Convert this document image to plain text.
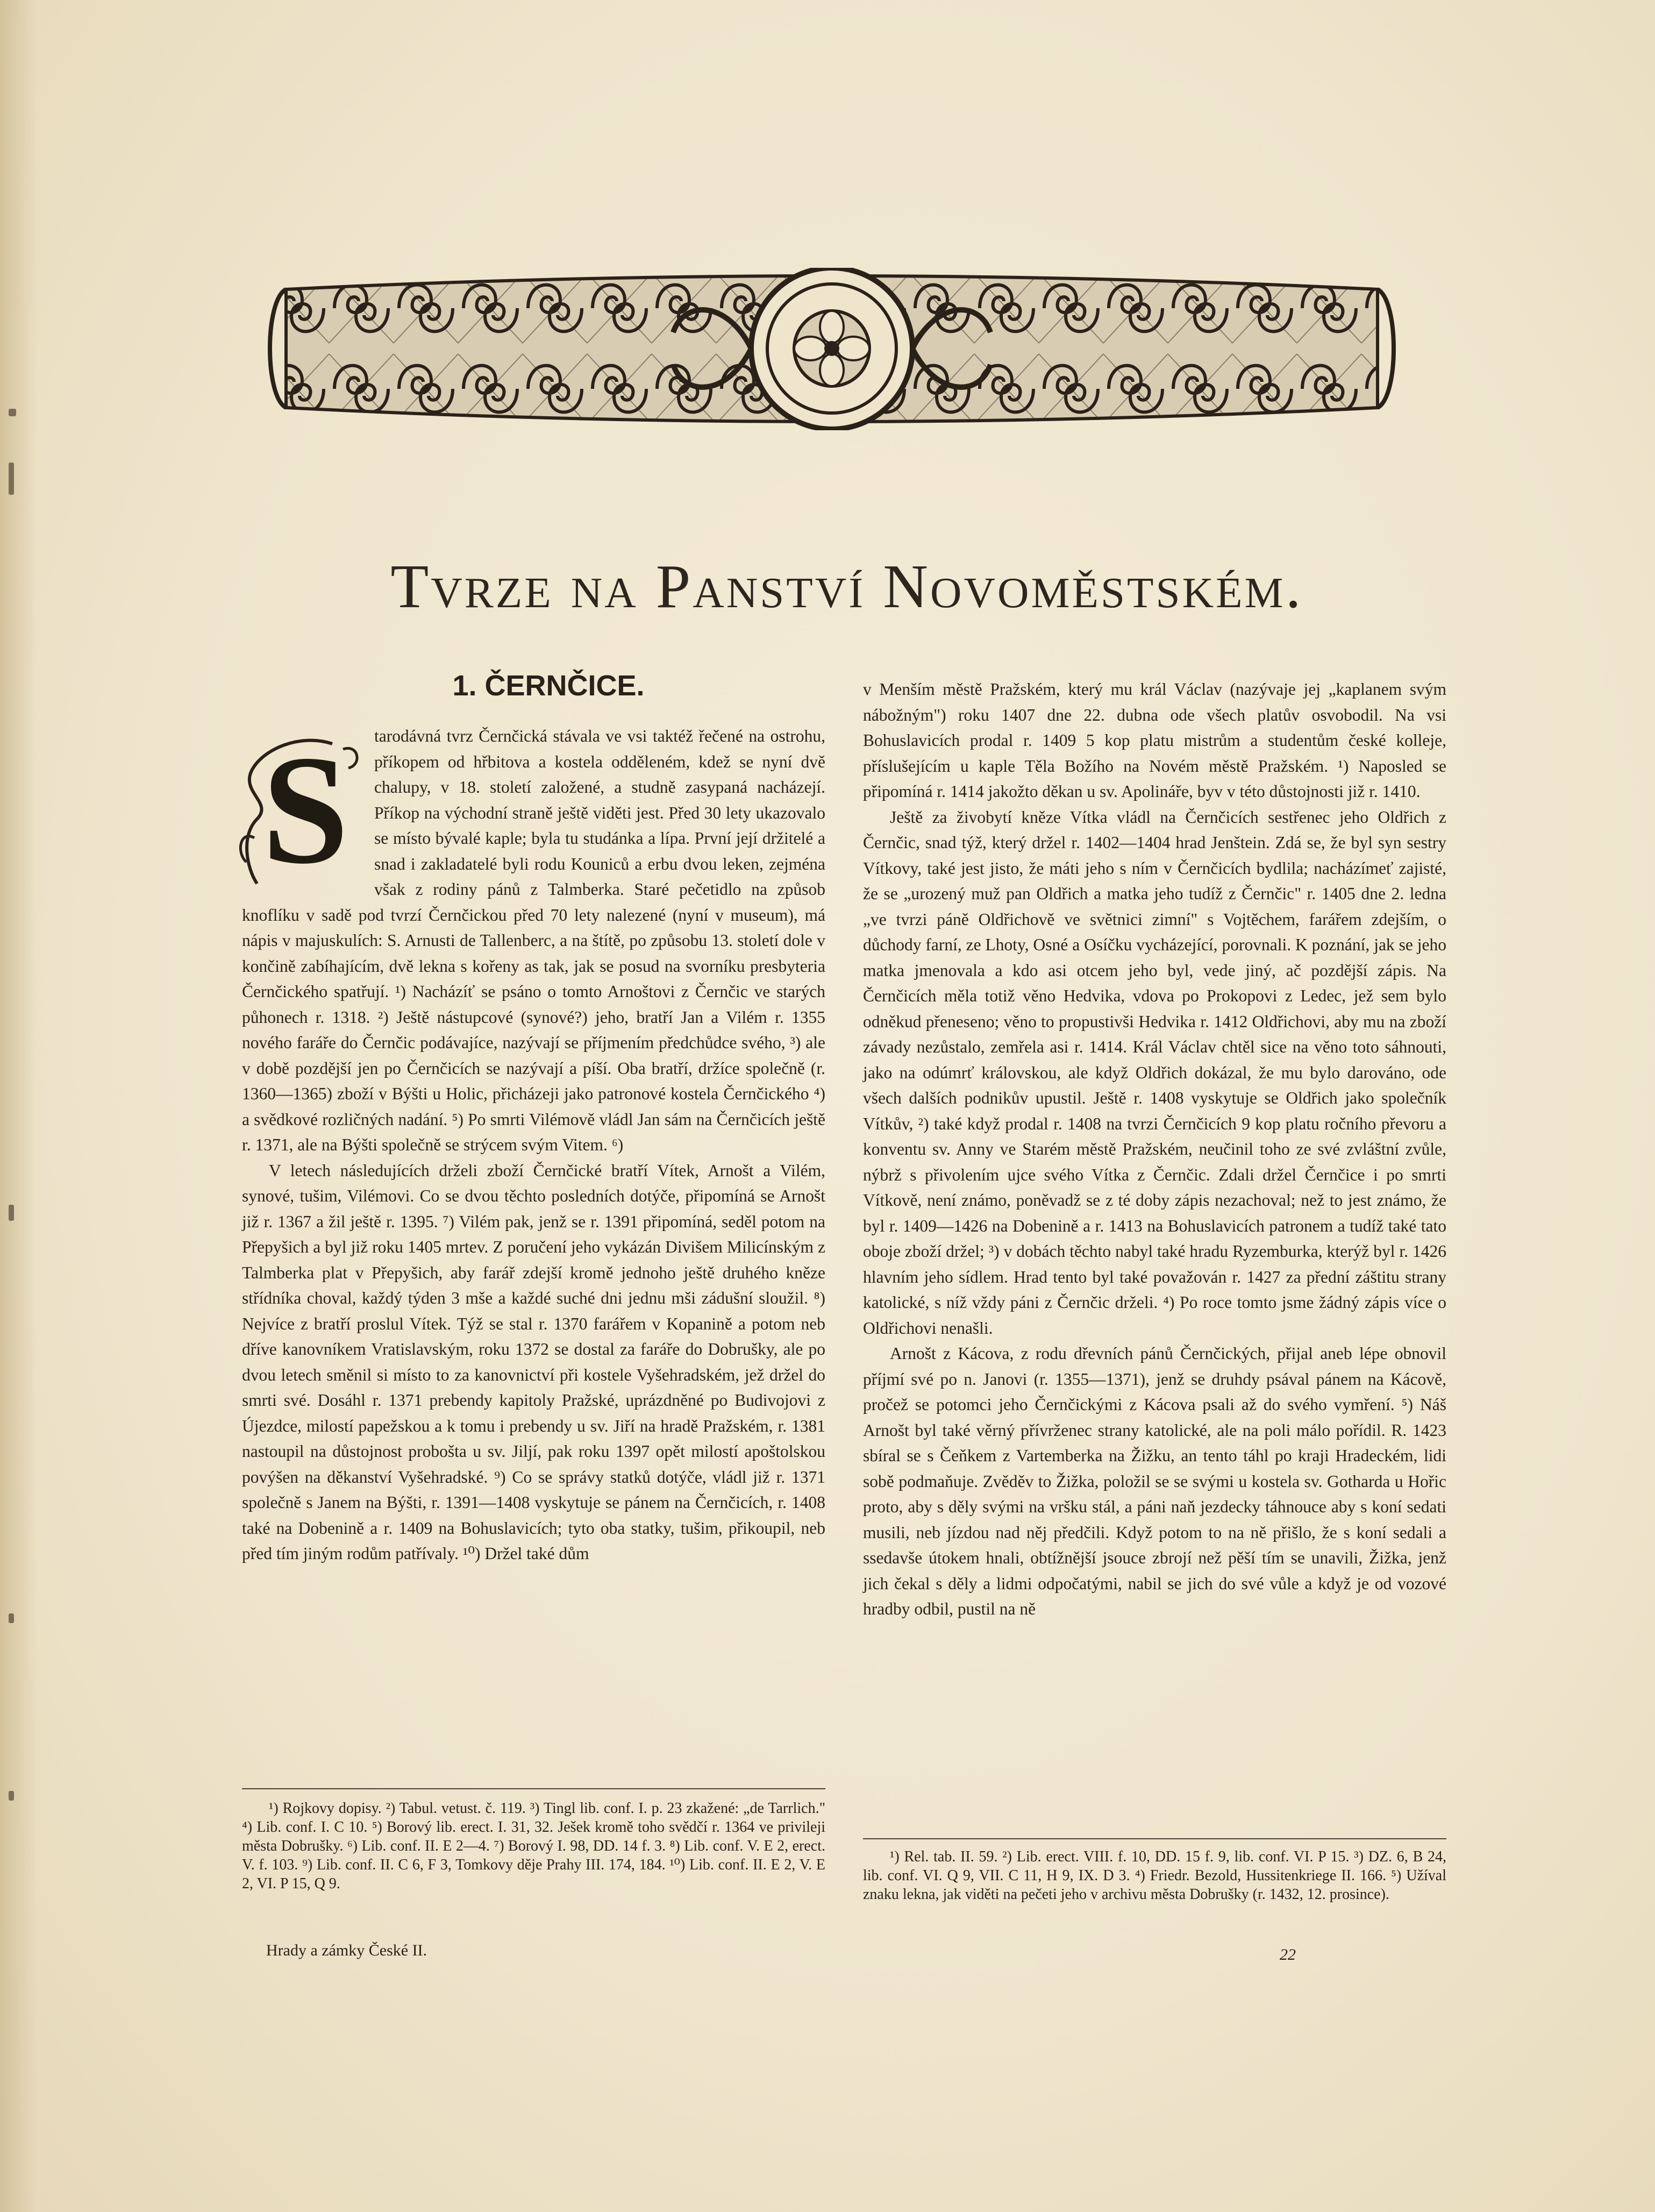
Tvrze na Panství Novoměstském.
1. ČERNČICE.

S tarodávná tvrz Černčická stávala ve vsi taktéž řečené na ostrohu, příkopem od hřbitova a kostela odděleném, kdež se nyní dvě chalupy, v 18. století založené, a studně zasypaná nacházejí. Příkop na východní straně ještě viděti jest. Před 30 lety ukazovalo se místo bývalé kaple; byla tu studánka a lípa. První její držitelé a snad i zakladatelé byli rodu Kouniců a erbu dvou leken, zejména však z rodiny pánů z Talmberka. Staré pečetidlo na způsob knoflíku v sadě pod tvrzí Černčickou před 70 lety nalezené (nyní v museum), má nápis v majuskulích: S. Arnusti de Tallenberc, a na štítě, po způsobu 13. století dole v končině zabíhajícím, dvě lekna s kořeny as tak, jak se posud na svorníku presbyteria Černčického spatřují. ¹) Nacházíť se psáno o tomto Arnoštovi z Černčic ve starých půhonech r. 1318. ²) Ještě nástupcové (synové?) jeho, bratří Jan a Vilém r. 1355 nového faráře do Černčic podávajíce, nazývají se příjmením předchůdce svého, ³) ale v době pozdější jen po Černčicích se nazývají a píší. Oba bratří, držíce společně (r. 1360—1365) zboží v Býšti u Holic, přicházeji jako patronové kostela Černčického ⁴) a svědkové rozličných nadání. ⁵) Po smrti Vilémově vládl Jan sám na Černčicích ještě r. 1371, ale na Býšti společně se strýcem svým Vitem. ⁶)

V letech následujících drželi zboží Černčické bratří Vítek, Arnošt a Vilém, synové, tušim, Vilémovi. Co se dvou těchto posledních dotýče, připomíná se Arnošt již r. 1367 a žil ještě r. 1395. ⁷) Vilém pak, jenž se r. 1391 připomíná, seděl potom na Přepyšich a byl již roku 1405 mrtev. Z poručení jeho vykázán Divišem Milicínským z Talmberka plat v Přepyšich, aby farář zdejší kromě jednoho ještě druhého kněze střídníka choval, každý týden 3 mše a každé suché dni jednu mši zádušní sloužil. ⁸) Nejvíce z bratří proslul Vítek. Týž se stal r. 1370 farářem v Kopanině a potom neb dříve kanovníkem Vratislavským, roku 1372 se dostal za faráře do Dobrušky, ale po dvou letech směnil si místo to za kanovnictví při kostele Vyšehradském, jež držel do smrti své. Dosáhl r. 1371 prebendy kapitoly Pražské, uprázdněné po Budivojovi z Újezdce, milostí papežskou a k tomu i prebendy u sv. Jiří na hradě Pražském, r. 1381 nastoupil na důstojnost probošta u sv. Jiljí, pak roku 1397 opět milostí apoštolskou povýšen na děkanství Vyšehradské. ⁹) Co se správy statků dotýče, vládl již r. 1371 společně s Janem na Býšti, r. 1391—1408 vyskytuje se pánem na Černčicích, r. 1408 také na Dobenině a r. 1409 na Bohuslavicích; tyto oba statky, tušim, přikoupil, neb před tím jiným rodům patřívaly. ¹⁰) Držel také dům

v Menším městě Pražském, který mu král Václav (nazývaje jej „kaplanem svým nábožným") roku 1407 dne 22. dubna ode všech platův osvobodil. Na vsi Bohuslavicích prodal r. 1409 5 kop platu mistrům a studentům české kolleje, příslušejícím u kaple Těla Božího na Novém městě Pražském. ¹) Naposled se připomíná r. 1414 jakožto děkan u sv. Apolináře, byv v této důstojnosti již r. 1410.

Ještě za živobytí kněze Vítka vládl na Černčicích sestřenec jeho Oldřich z Černčic, snad týž, který držel r. 1402—1404 hrad Jenštein. Zdá se, že byl syn sestry Vítkovy, také jest jisto, že máti jeho s ním v Černčicích bydlila; nacházímeť zajisté, že se „urozený muž pan Oldřich a matka jeho tudíž z Černčic" r. 1405 dne 2. ledna „ve tvrzi páně Oldřichově ve světnici zimní" s Vojtěchem, farářem zdejším, o důchody farní, ze Lhoty, Osné a Osíčku vycházející, porovnali. K poznání, jak se jeho matka jmenovala a kdo asi otcem jeho byl, vede jiný, ač pozdější zápis. Na Černčicích měla totiž věno Hedvika, vdova po Prokopovi z Ledec, jež sem bylo odněkud přeneseno; věno to propustivši Hedvika r. 1412 Oldřichovi, aby mu na zboží závady nezůstalo, zemřela asi r. 1414. Král Václav chtěl sice na věno toto sáhnouti, jako na odúmrť královskou, ale když Oldřich dokázal, že mu bylo darováno, ode všech dalších podnikův upustil. Ještě r. 1408 vyskytuje se Oldřich jako společník Vítkův, ²) také když prodal r. 1408 na tvrzi Černčicích 9 kop platu ročního převoru a konventu sv. Anny ve Starém městě Pražském, neučinil toho ze své zvláštní zvůle, nýbrž s přivolením ujce svého Vítka z Černčic. Zdali držel Černčice i po smrti Vítkově, není známo, poněvadž se z té doby zápis nezachoval; než to jest známo, že byl r. 1409—1426 na Dobenině a r. 1413 na Bohuslavicích patronem a tudíž také tato oboje zboží držel; ³) v dobách těchto nabyl také hradu Ryzemburka, kterýž byl r. 1426 hlavním jeho sídlem. Hrad tento byl také považován r. 1427 za přední záštitu strany katolické, s níž vždy páni z Černčic drželi. ⁴) Po roce tomto jsme žádný zápis více o Oldřichovi nenašli.

Arnošt z Kácova, z rodu dřevních pánů Černčických, přijal aneb lépe obnovil příjmí své po n. Janovi (r. 1355—1371), jenž se druhdy psával pánem na Kácově, pročež se potomci jeho Černčickými z Kácova psali až do svého vymření. ⁵) Náš Arnošt byl také věrný přívrženec strany katolické, ale na poli málo pořídil. R. 1423 sbíral se s Čeňkem z Vartemberka na Žižku, an tento táhl po kraji Hradeckém, lidi sobě podmaňuje. Zvěděv to Žižka, položil se se svými u kostela sv. Gotharda u Hořic proto, aby s děly svými na vršku stál, a páni naň jezdecky táhnouce aby s koní sedati musili, neb jízdou nad něj předčili. Když potom to na ně přišlo, že s koní sedali a ssedavše útokem hnali, obtížnější jsouce zbrojí než pěší tím se unavili, Žižka, jenž jich čekal s děly a lidmi odpočatými, nabil se jich do své vůle a když je od vozové hradby odbil, pustil na ně

¹) Rojkovy dopisy. ²) Tabul. vetust. č. 119. ³) Tingl lib. conf. I. p. 23 zkažené: „de Tarrlich." ⁴) Lib. conf. I. C 10. ⁵) Borový lib. erect. I. 31, 32. Ješek kromě toho svědčí r. 1364 ve privileji města Dobrušky. ⁶) Lib. conf. II. E 2—4. ⁷) Borový I. 98, DD. 14 f. 3. ⁸) Lib. conf. V. E 2, erect. V. f. 103. ⁹) Lib. conf. II. C 6, F 3, Tomkovy děje Prahy III. 174, 184. ¹⁰) Lib. conf. II. E 2, V. E 2, VI. P 15, Q 9.

¹) Rel. tab. II. 59. ²) Lib. erect. VIII. f. 10, DD. 15 f. 9, lib. conf. VI. P 15. ³) DZ. 6, B 24, lib. conf. VI. Q 9, VII. C 11, H 9, IX. D 3. ⁴) Friedr. Bezold, Hussitenkriege II. 166. ⁵) Užíval znaku lekna, jak viděti na pečeti jeho v archivu města Dobrušky (r. 1432, 12. prosince).

Hrady a zámky České II.	22
